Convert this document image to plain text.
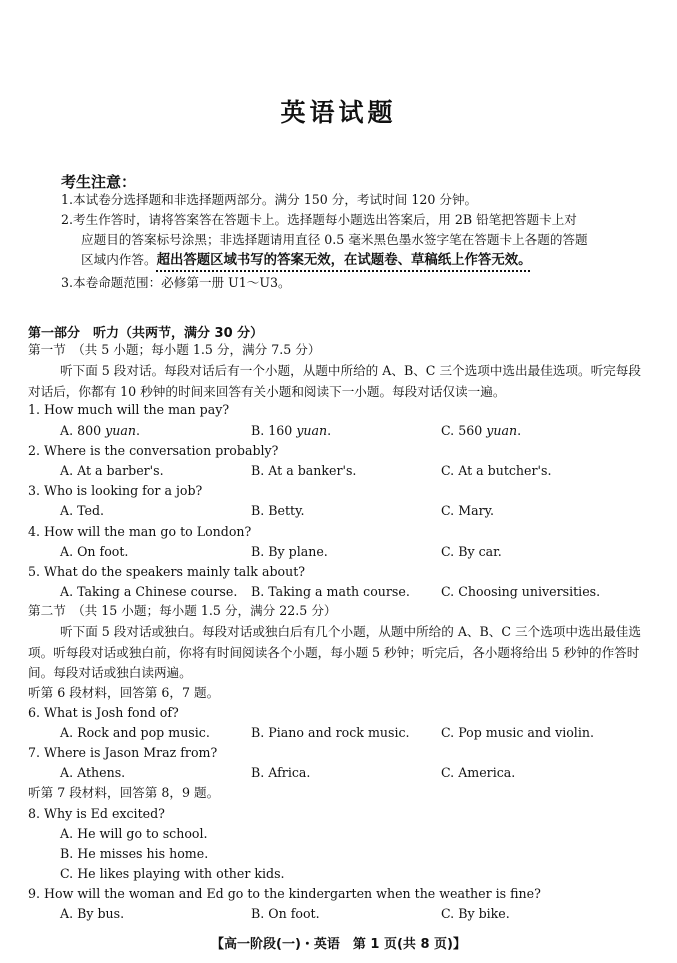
英语试题
考生注意：
1.本试卷分选择题和非选择题两部分。满分 150 分，考试时间 120 分钟。
2.考生作答时，请将答案答在答题卡上。选择题每小题选出答案后，用 2B 铅笔把答题卡上对
应题目的答案标号涂黑；非选择题请用直径 0.5 毫米黑色墨水签字笔在答题卡上各题的答题
区域内作答。超出答题区域书写的答案无效，在试题卷、草稿纸上作答无效。
3.本卷命题范围：必修第一册 U1～U3。
第一部分　听力（共两节，满分 30 分）
第一节　（共 5 小题；每小题 1.5 分，满分 7.5 分）
听下面 5 段对话。每段对话后有一个小题，从题中所给的 A、B、C 三个选项中选出最佳选项。听完每段对话后，你都有 10 秒钟的时间来回答有关小题和阅读下一小题。每段对话仅读一遍。
1. How much will the man pay?
A. 800 yuan.	B. 160 yuan.	C. 560 yuan.
2. Where is the conversation probably?
A. At a barber's.	B. At a banker's.	C. At a butcher's.
3. Who is looking for a job?
A. Ted.	B. Betty.	C. Mary.
4. How will the man go to London?
A. On foot.	B. By plane.	C. By car.
5. What do the speakers mainly talk about?
A. Taking a Chinese course. B. Taking a math course. C. Choosing universities.
第二节　（共 15 小题；每小题 1.5 分，满分 22.5 分）
听下面 5 段对话或独白。每段对话或独白后有几个小题，从题中所给的 A、B、C 三个选项中选出最佳选项。听每段对话或独白前，你将有时间阅读各个小题，每小题 5 秒钟；听完后，各小题将给出 5 秒钟的作答时间。每段对话或独白读两遍。
听第 6 段材料，回答第 6，7 题。
6. What is Josh fond of?
A. Rock and pop music.	B. Piano and rock music. C. Pop music and violin.
7. Where is Jason Mraz from?
A. Athens.	B. Africa.	C. America.
听第 7 段材料，回答第 8，9 题。
8. Why is Ed excited?
A. He will go to school.
B. He misses his home.
C. He likes playing with other kids.
9. How will the woman and Ed go to the kindergarten when the weather is fine?
A. By bus.	B. On foot.	C. By bike.
【高一阶段(一)・英语　第 1 页(共 8 页)】
